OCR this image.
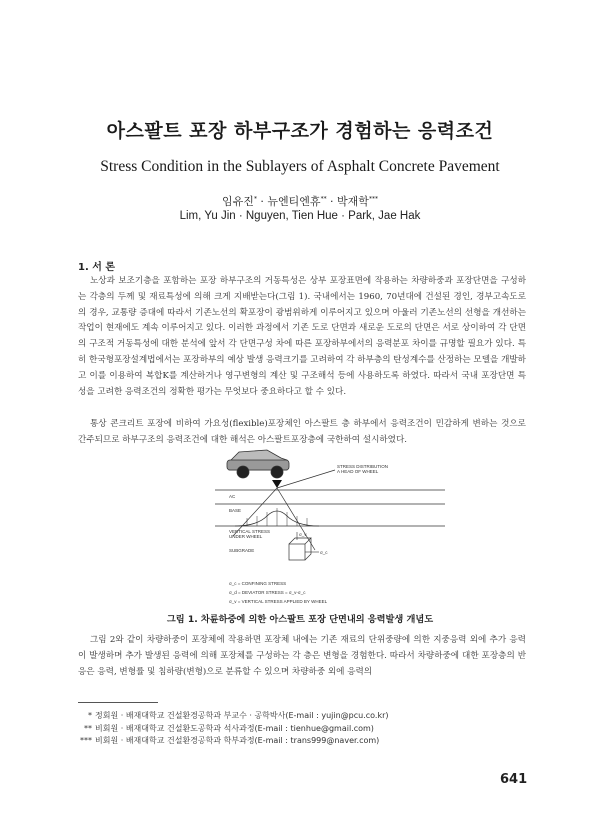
아스팔트 포장 하부구조가 경험하는 응력조건
Stress Condition in the Sublayers of Asphalt Concrete Pavement
임유진* · 뉴엔티엔휴** · 박재학***
Lim, Yu Jin · Nguyen, Tien Hue · Park, Jae Hak
1. 서 론

노상과 보조기층을 포함하는 포장 하부구조의 거동특성은 상부 포장표면에 작용하는 차량하중과 포장단면을 구성하는 각층의 두께 및 재료특성에 의해 크게 지배받는다(그림 1). 국내에서는 1960, 70년대에 건설된 경인, 경부고속도로의 경우, 교통량 증대에 따라서 기존노선의 확포장이 광범위하게 이루어지고 있으며 아울러 기존노선의 선형을 개선하는 작업이 현재에도 계속 이루어지고 있다. 이러한 과정에서 기존 도로 단면과 새로운 도로의 단면은 서로 상이하여 각 단면의 구조적 거동특성에 대한 분석에 앞서 각 단면구성 차에 따른 포장하부에서의 응력분포 차이를 규명할 필요가 있다. 특히 한국형포장설계법에서는 포장하부의 예상 발생 응력크기를 고려하여 각 하부층의 탄성계수를 산정하는 모델을 개발하고 이를 이용하여 복합K를 계산하거나 영구변형의 계산 및 구조해석 등에 사용하도록 하였다. 따라서 국내 포장단면 특성을 고려한 응력조건의 정확한 평가는 무엇보다 중요하다고 할 수 있다.

통상 콘크리트 포장에 비하여 가요성(flexible)포장체인 아스팔트 층 하부에서 응력조건이 민감하게 변하는 것으로 간주되므로 하부구조의 응력조건에 대한 해석은 아스팔트포장층에 국한하여 설시하였다.

STRESS DISTRIBUTION
A HEAD OF WHEEL
AC
BASE
VERTICAL STRESS
UNDER WHEEL
SUBGRADE
σ_v
σ_c
σ_c = CONFINING STRESS
σ_d = DEVIATOR STRESS = σ_v-σ_c
σ_v = VERTICAL STRESS APPLIED BY WHEEL
그림 1. 차륜하중에 의한 아스팔트 포장 단면내의 응력발생 개념도

그림 2와 같이 차량하중이 포장체에 작용하면 포장체 내에는 기존 재료의 단위중량에 의한 지중응력 외에 추가 응력이 발생하며 추가 발생된 응력에 의해 포장체를 구성하는 각 층은 변형을 경험한다. 따라서 차량하중에 대한 포장층의 반응은 응력, 변형률 및 침하량(변형)으로 분류할 수 있으며 차량하중 외에 응력의

* 정회원 · 배재대학교 건설환경공학과 부교수 · 공학박사(E-mail : yujin@pcu.co.kr)
** 비회원 · 배재대학교 건설환도공학과 석사과정(E-mail : tienhue@gmail.com)
*** 비회원 · 배재대학교 건설환경공학과 학부과정(E-mail : trans999@naver.com)
641
